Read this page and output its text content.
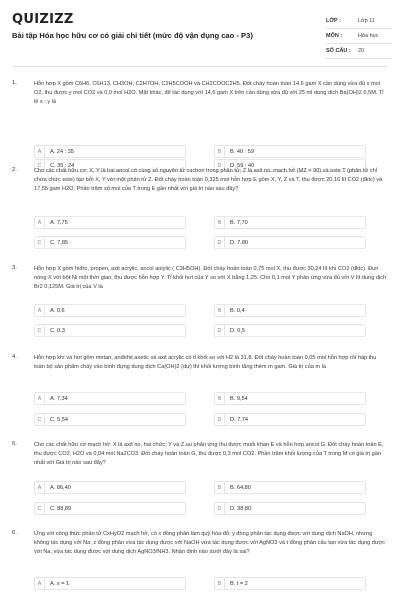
QUIZIZZ
Bài tập Hóa học hữu cơ có giải chi tiết (mức độ vận dụng cao - P3)
LỚP :	Lớp 11
MÔN :	Hóa học
SỐ CÂU :	20
1.	Hỗn hợp X gồm C6H6, C6H13, CH3OH, C2H7OH, C2H5COOH và CH2COOC2H5. Đốt cháy hoàn toàn 14,6 gam X cần dùng vừa đủ x mol O2, thu được y mol CO2 và 0,9 mol H2O. Mặt khác, để tác dụng với 14,6 gam X trên cần dùng vừa đủ với 25 ml dung dịch Ba(OH)2 0,5M. Tỉ lệ x : y là
A	A. 24 : 35	B	B. 40 : 59
C	C. 35 : 24	D	D. 59 : 40
2.	Cho các chất hữu cơ: X, Y là hai ancol có cùng số nguyên tử cacbon trong phân tử; Z là axit no, mạch hở (MZ = 90) và este T (phân tử chỉ chứa chức este) tạo bởi X, Y với một phân tử Z. Đốt cháy hoàn toàn 0,325 mol hỗn hợp E gồm X, Y, Z và T, thu được 20,16 lít CO2 (đktc) và 17,55 gam H2O. Phần trăm số mol của T trong E gần nhất với giá trị nào sau đây?
A	A. 7,75	B	B. 7,70
C	C. 7,85	D	D. 7,80
3.	Hỗn hợp X gồm hiđro, propen, axit acrylic, ancol anlylic ( C3H5OH). Đốt cháy hoàn toàn 0,75 mol X, thu được 30,24 lít khí CO2 (đktc). Đun nóng X với bột Ni một thời gian, thu được hỗn hợp Y. Tỉ khối hơi của Y so với X bằng 1,25. Cho 0,1 mol Y phản ứng vừa đủ với V lít dung dịch Br2 0,125M. Giá trị của V là
A	A. 0,6	B	B. 0,4
C	C. 0,3	D	D. 0,5
4.	Hỗn hợp khí và hơi gồm metan, anđehit axetic và axit acrylic có tỉ khối so với H2 là 31,8. Đốt cháy hoàn toàn 0,05 mol hỗn hợp rồi hấp thụ toàn bộ sản phẩm cháy vào bình đựng dung dịch Ca(OH)2 (dư) thì khối lượng bình tăng thêm m gam. Giá trị của m là
A	A. 7,34	B	B. 9,54
C	C. 5,54	D	D. 7,74
5.	Cho các chất hữu cơ mạch hở: X là axit no, hai chức; Y và Z.au phản ứng thu được muối khan E và hỗn hợp ancol G. Đốt cháy hoàn toàn E, thu được CO2, H2O và 0,04 mol Na2CO3. Đốt cháy hoàn toàn G, thu được 0,3 mol CO2. Phần trăm khối lượng của T trong M có giá trị gần nhất với Giá trị nào sau đây?
A	A. 86,40	B	B. 64,80
C	C. 88,89	D	D. 38,80
6.	Ứng với công thức phân tử CxHyO2 mạch hở, có x đồng phân làm quỳ hóa đỏ; y đồng phân tác dụng được với dung dịch NaOH, nhưng không tác dụng với Na; z đồng phân vừa tác dụng được với NaOH vừa tác dụng được với AgNO3 và t đồng phân cấu tạo vừa tác dụng được với Na, vừa tác dụng được với dung dịch AgNO3/NH3. Nhận định nào dưới đây là sai?
A	A. x = 1	B	B. t = 2
